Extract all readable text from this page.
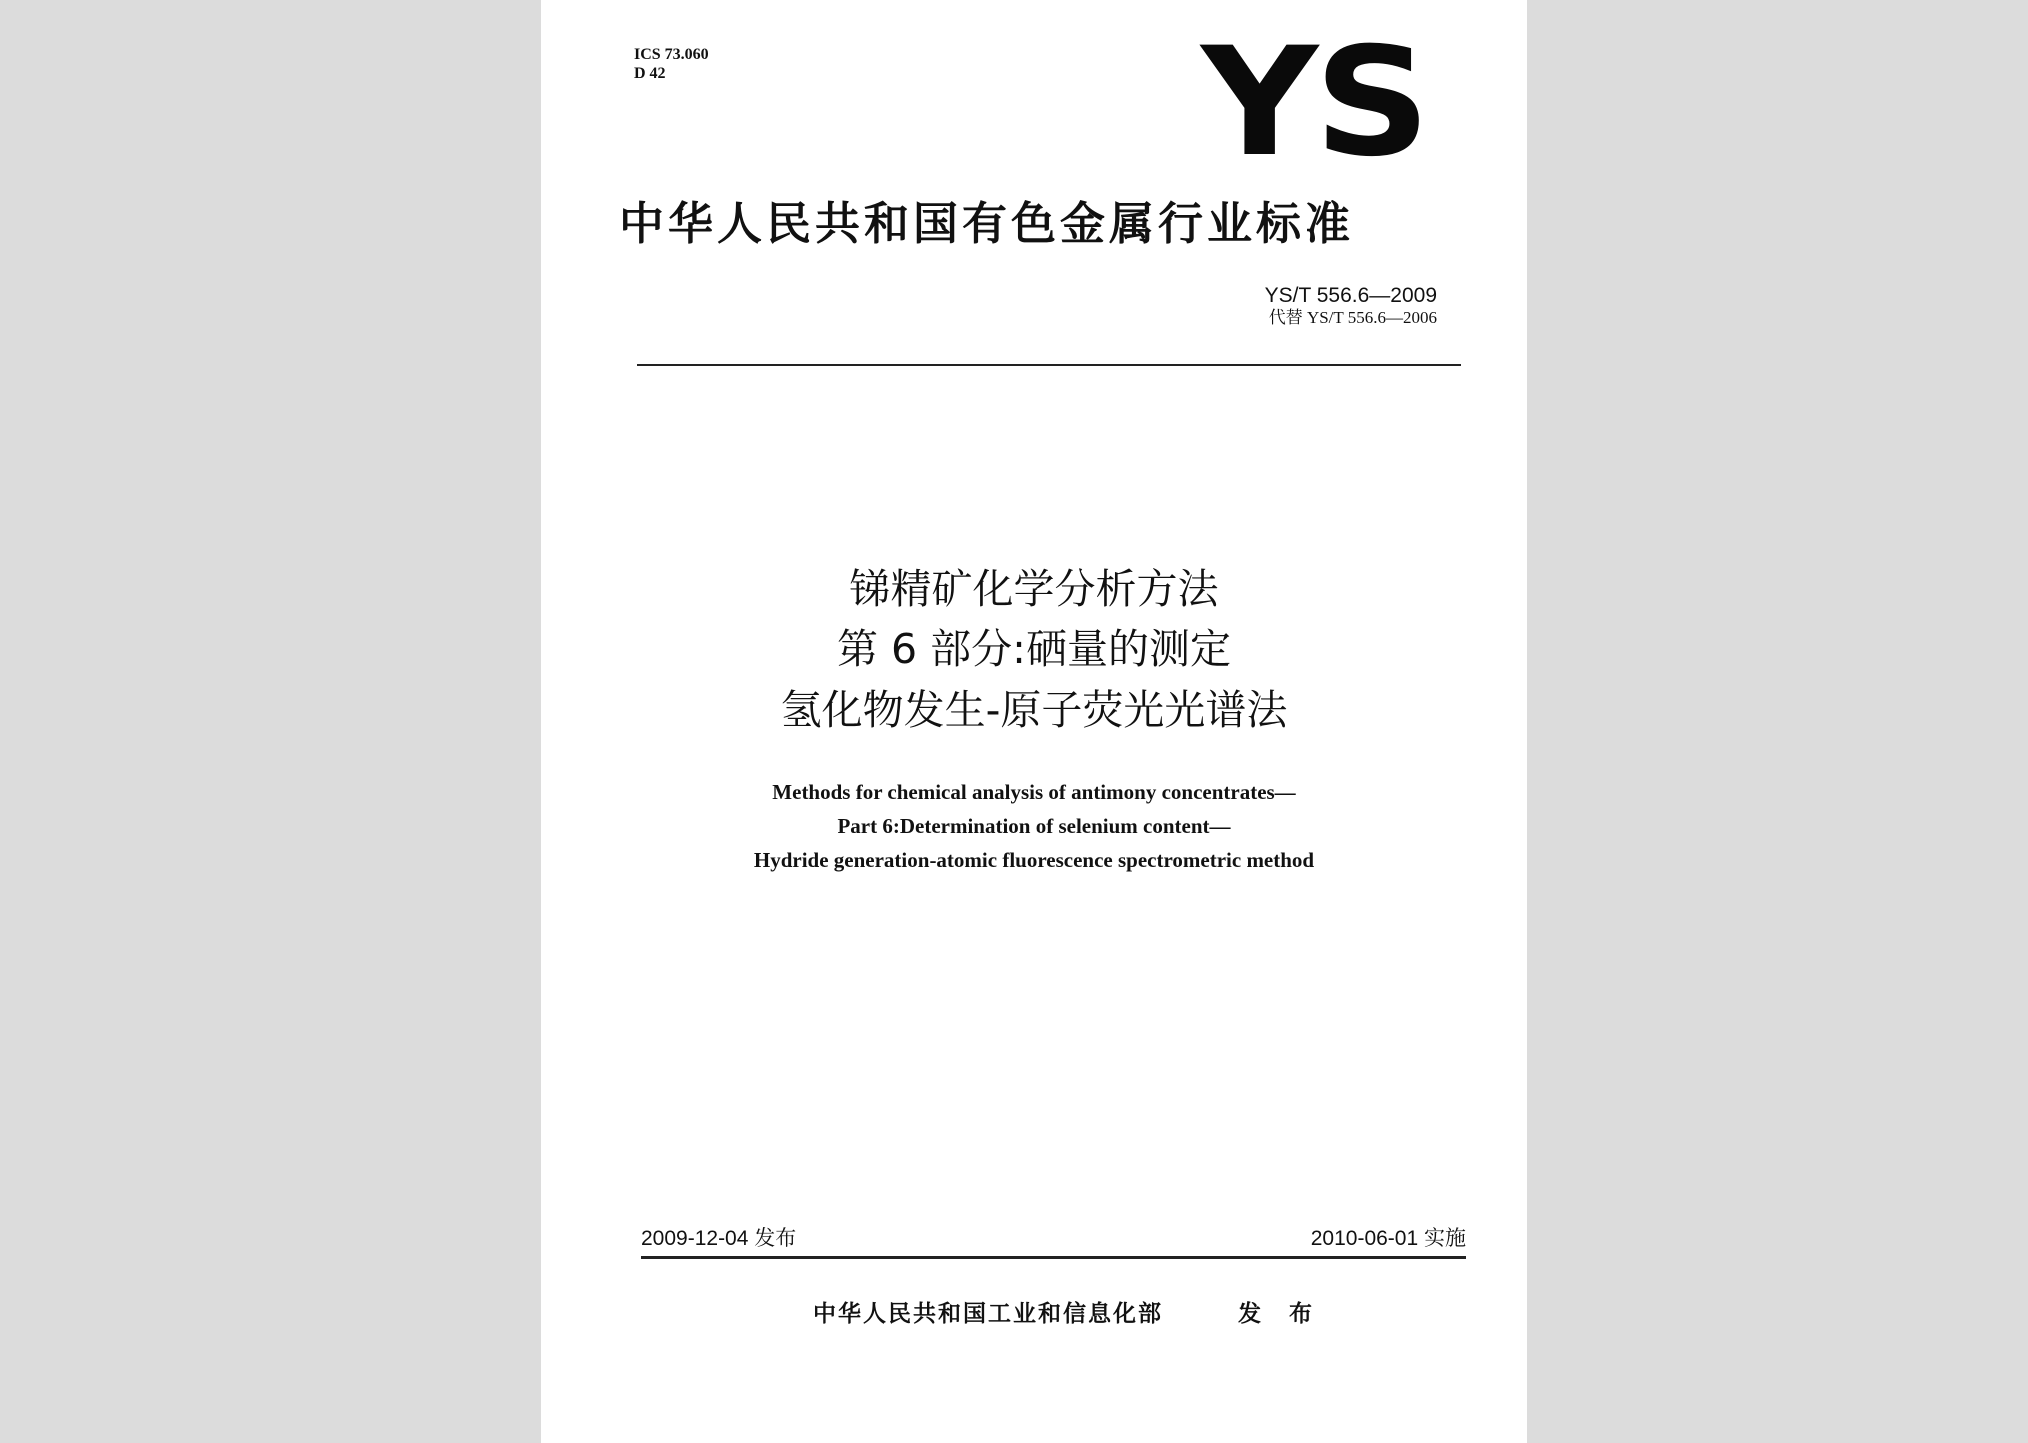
ICS 73.060
D 42	YS
中华人民共和国有色金属行业标准
YS/T 556.6—2009
代替 YS/T 556.6—2006
锑精矿化学分析方法
第 6 部分:硒量的测定
氢化物发生-原子荧光光谱法
Methods for chemical analysis of antimony concentrates—
Part 6:Determination of selenium content—
Hydride generation-atomic fluorescence spectrometric method
2009-12-04 发布	2010-06-01 实施
中华人民共和国工业和信息化部	发 布
